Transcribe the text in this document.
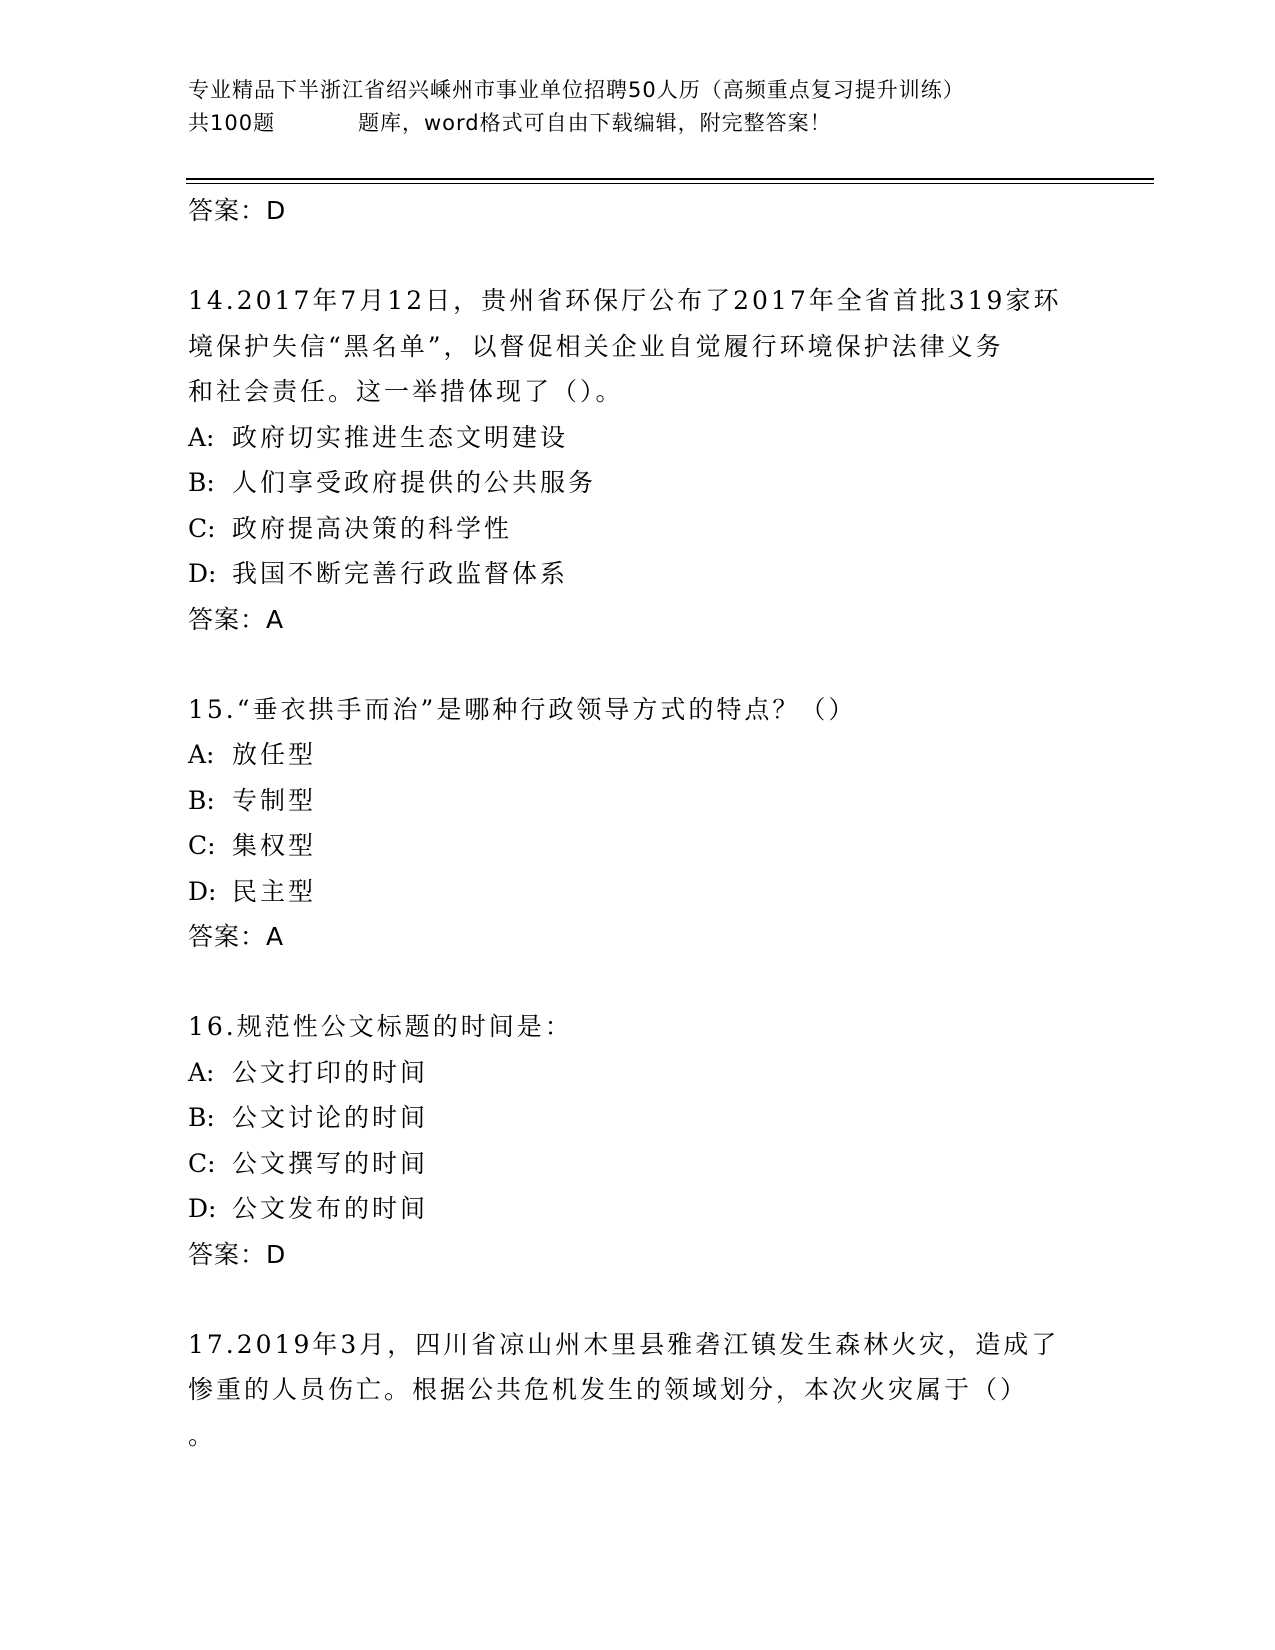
专业精品下半浙江省绍兴嵊州市事业单位招聘50人历（高频重点复习提升训练）
共100题	题库，word格式可自由下载编辑，附完整答案！
答案：D
14.2017年7月12日，贵州省环保厅公布了2017年全省首批319家环
境保护失信“黑名单”，以督促相关企业自觉履行环境保护法律义务
和社会责任。这一举措体现了（）。
A: 政府切实推进生态文明建设
B: 人们享受政府提供的公共服务
C: 政府提高决策的科学性
D: 我国不断完善行政监督体系
答案：A
15.“垂衣拱手而治”是哪种行政领导方式的特点？（）
A: 放任型
B: 专制型
C: 集权型
D: 民主型
答案：A
16.规范性公文标题的时间是：
A: 公文打印的时间
B: 公文讨论的时间
C: 公文撰写的时间
D: 公文发布的时间
答案：D
17.2019年3月，四川省凉山州木里县雅砻江镇发生森林火灾，造成了
惨重的人员伤亡。根据公共危机发生的领域划分，本次火灾属于（）
。
